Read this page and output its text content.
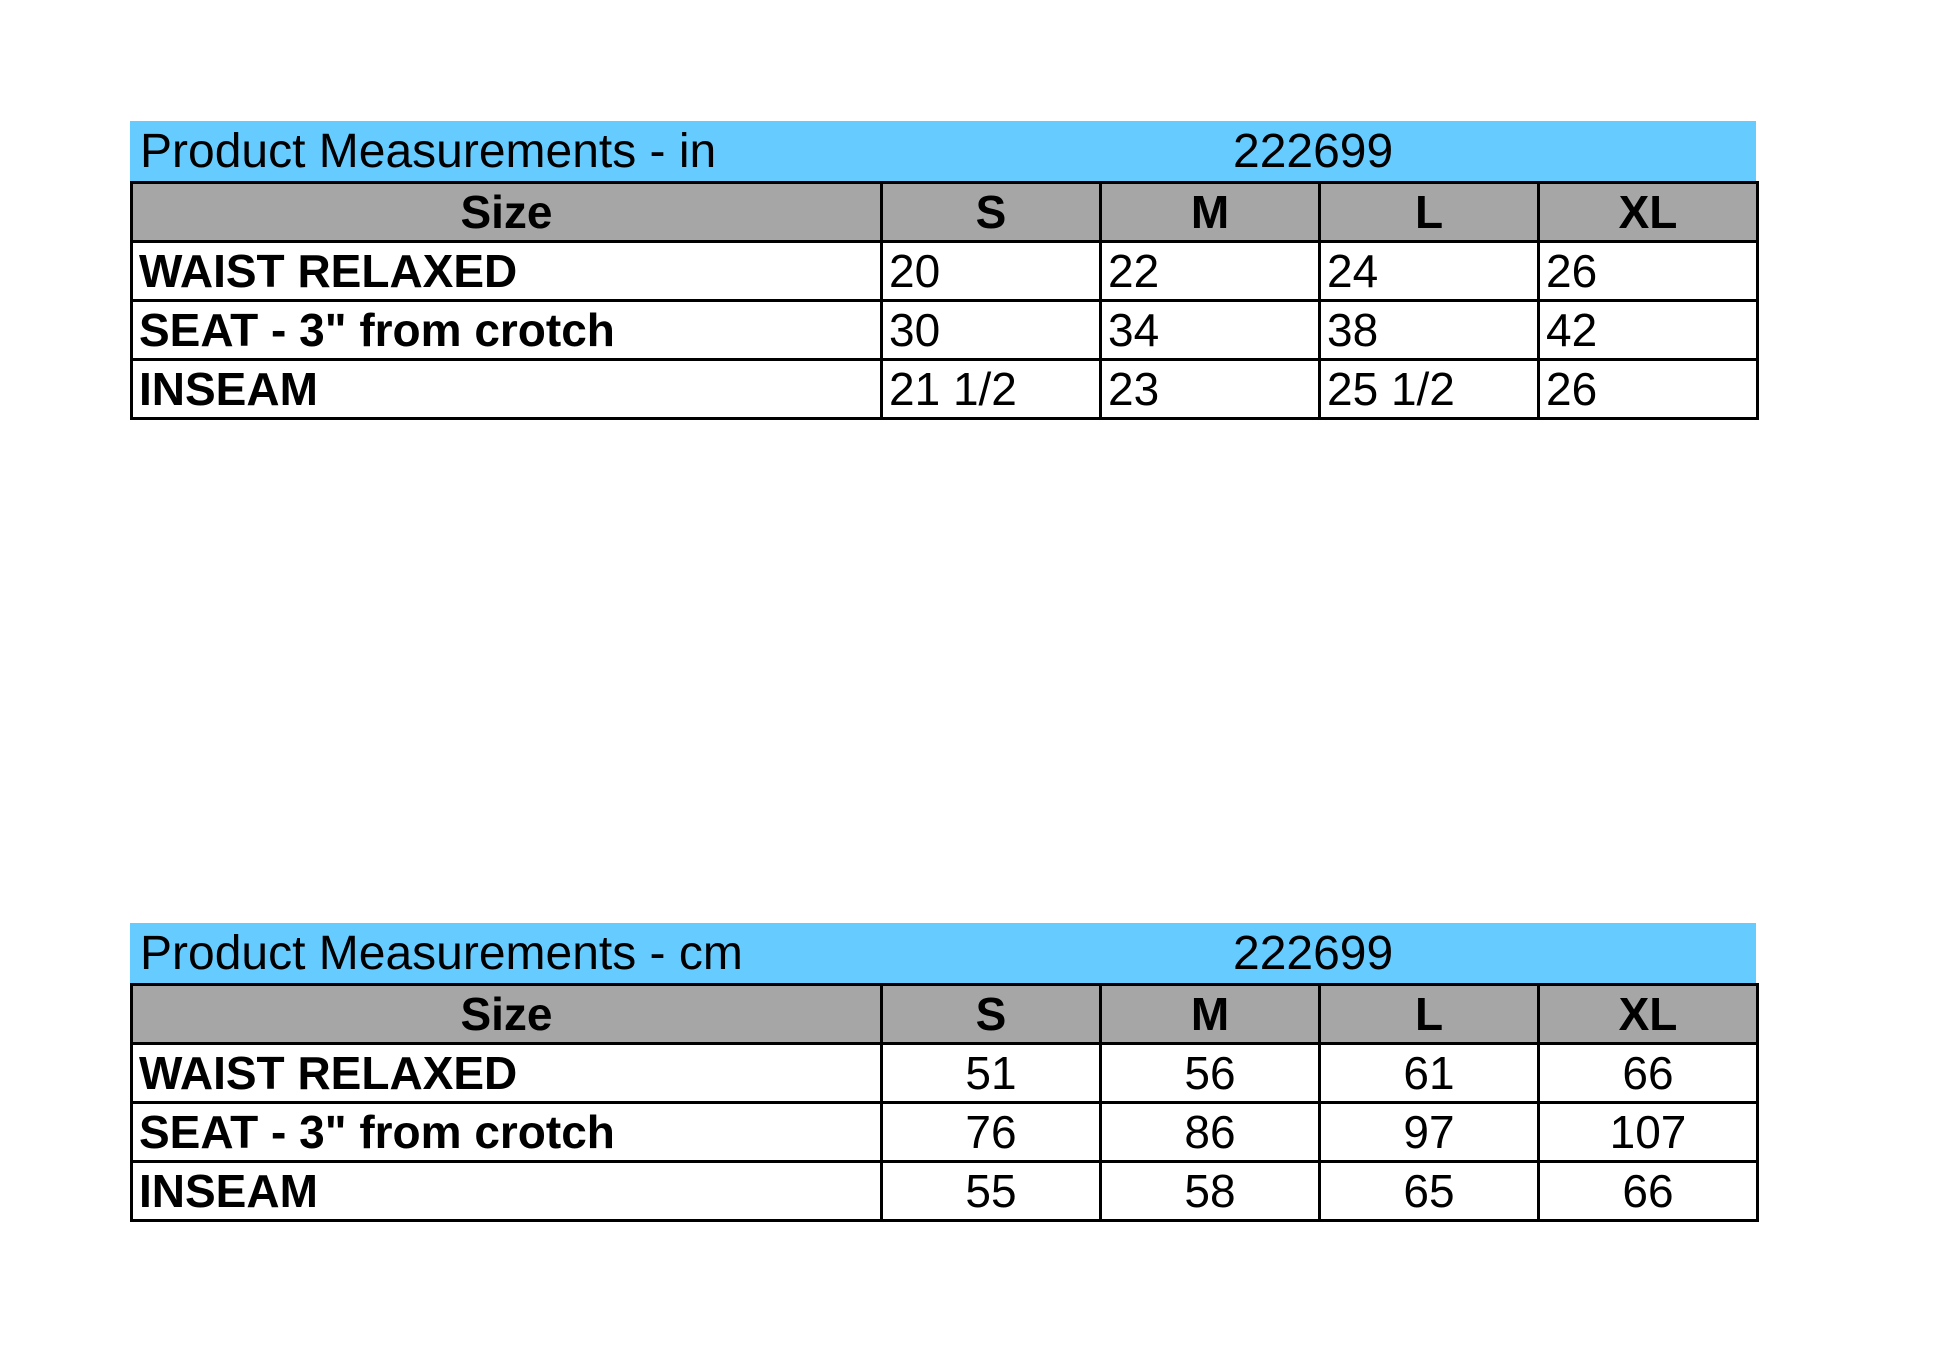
Product Measurements - in	222699
Size	S	M	L	XL
WAIST RELAXED	20	22	24	26
SEAT - 3" from crotch	30	34	38	42
INSEAM	21 1/2	23	25 1/2	26
Product Measurements - cm	222699
Size	S	M	L	XL
WAIST RELAXED	51	56	61	66
SEAT - 3" from crotch	76	86	97	107
INSEAM	55	58	65	66
